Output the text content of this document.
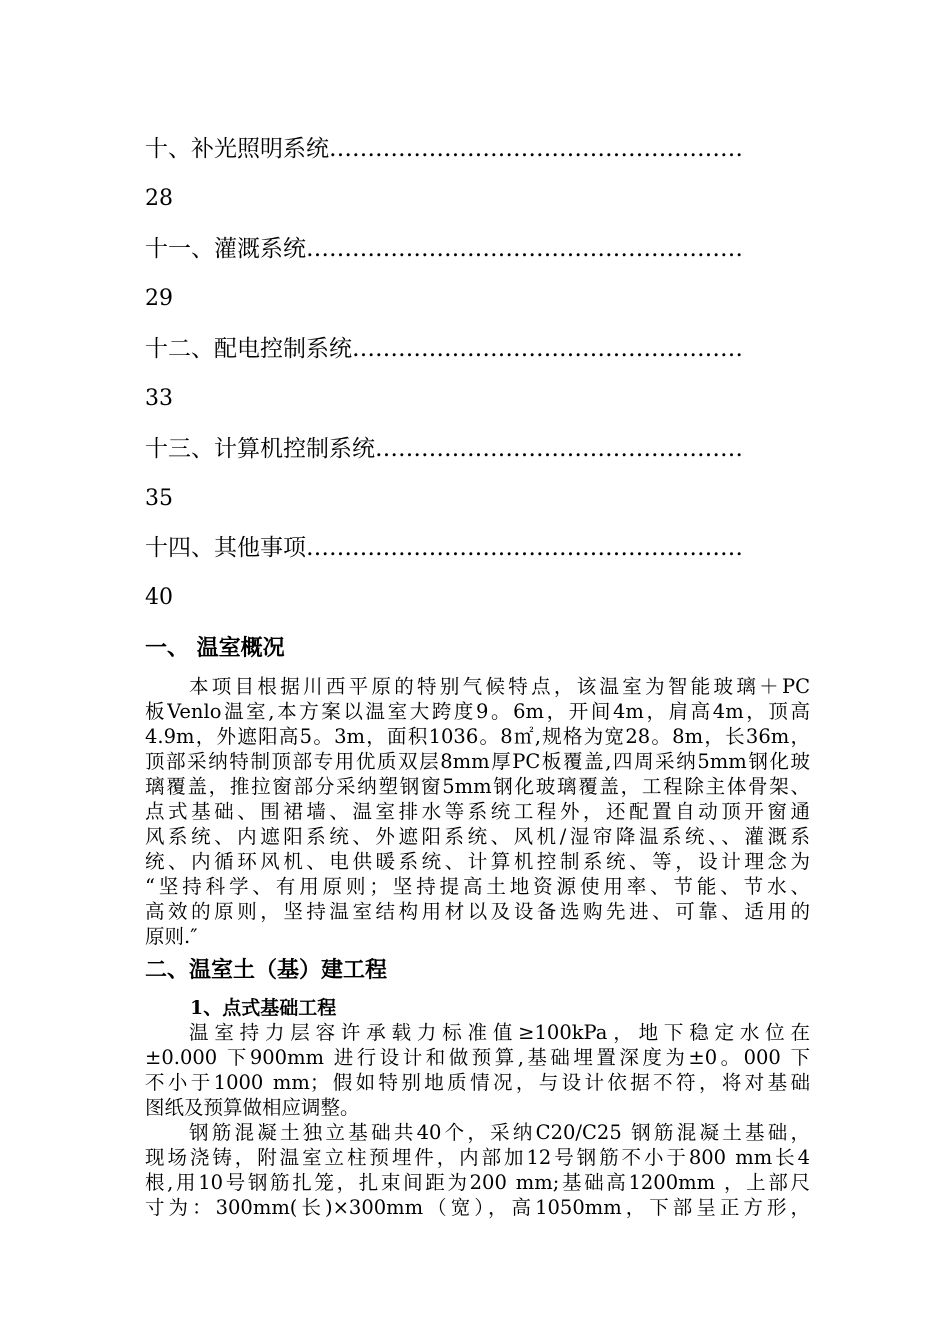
十、补光照明系统………………………………………………
28
十一、灌溉系统…………………………………………………
29
十二、配电控制系统……………………………………………
33
十三、计算机控制系统…………………………………………
35
十四、其他事项…………………………………………………
40
一、 温室概况
本项目根据川西平原的特别气候特点，该温室为智能玻璃＋PC
板Venlo温室,本方案以温室大跨度9。6m，开间4m，肩高4m，顶高
4.9m，外遮阳高5。3m，面积1036。8㎡,规格为宽28。8m，长36m，
顶部采纳特制顶部专用优质双层8mm厚PC板覆盖,四周采纳5mm钢化玻
璃覆盖，推拉窗部分采纳塑钢窗5mm钢化玻璃覆盖，工程除主体骨架、
点式基础、围裙墙、温室排水等系统工程外，还配置自动顶开窗通
风系统、内遮阳系统、外遮阳系统、风机/湿帘降温系统、、灌溉系
统、内循环风机、电供暖系统、计算机控制系统、等，设计理念为
“坚持科学、有用原则；坚持提高土地资源使用率、节能、节水、
高效的原则，坚持温室结构用材以及设备选购先进、可靠、适用的
原则.″
二、温室土（基）建工程
1、点式基础工程
温室持力层容许承载力标准值≥100kPa，地下稳定水位在
±0.000 下900mm 进行设计和做预算,基础埋置深度为±0。000 下
不小于1000 mm；假如特别地质情况，与设计依据不符，将对基础
图纸及预算做相应调整。
钢筋混凝土独立基础共40个，采纳C20/C25 钢筋混凝土基础，
现场浇铸，附温室立柱预埋件，内部加12号钢筋不小于800 mm长4
根,用10号钢筋扎笼，扎束间距为200 mm;基础高1200mm ，上部尺
寸为：300mm(长)×300mm（宽），高1050mm，下部呈正方形，
